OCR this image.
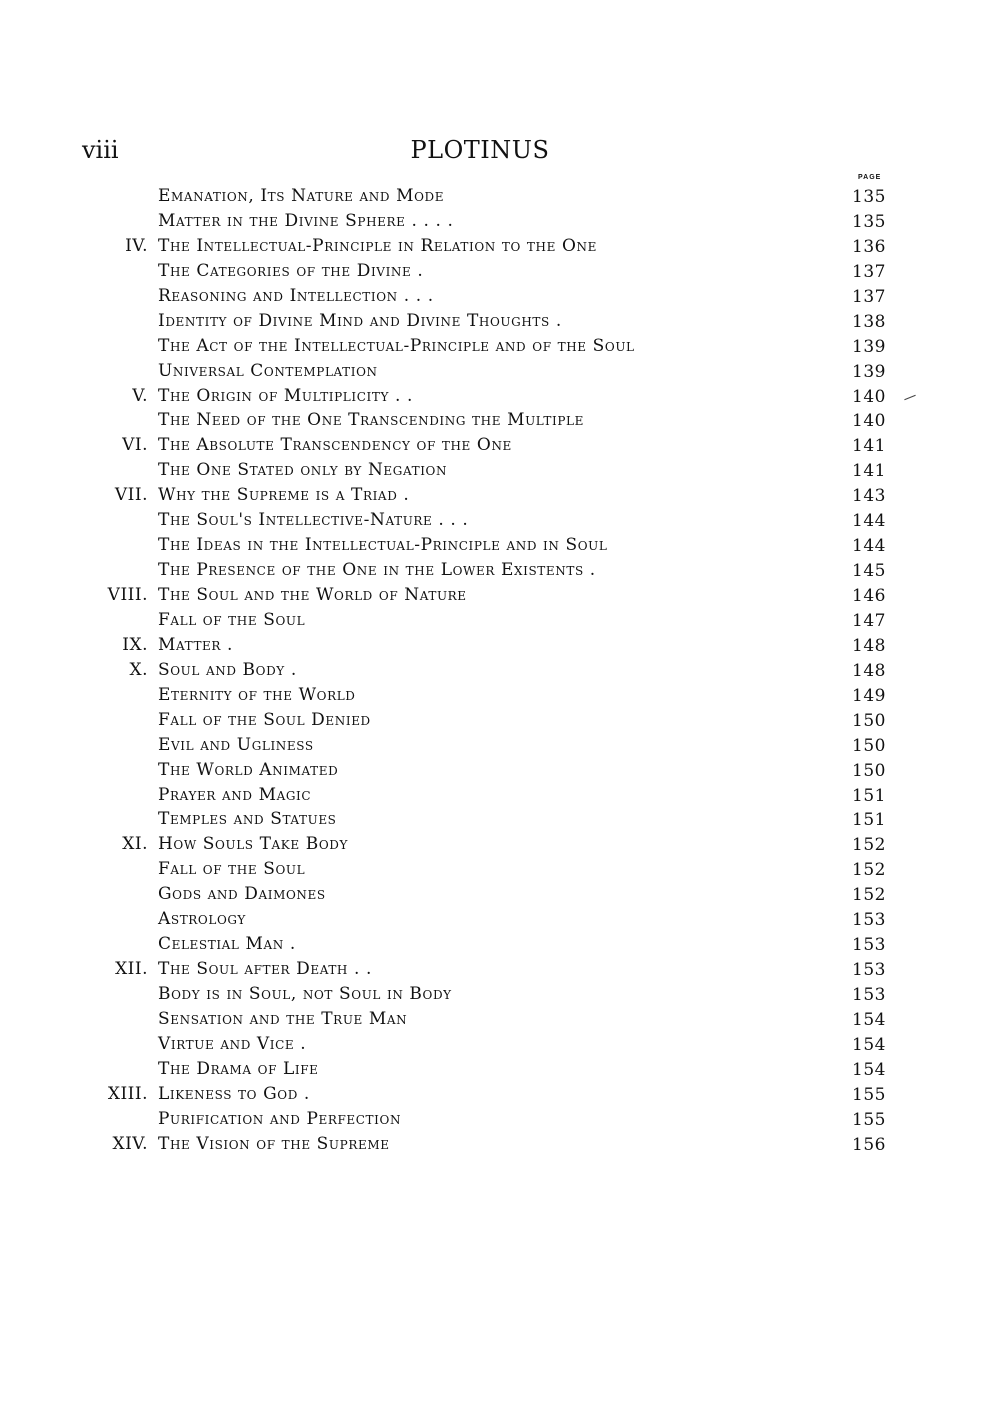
viii	PLOTINUS
PAGE
Emanation, Its Nature and Mode	135
Matter in the Divine Sphere . . . .	135
IV. The Intellectual-Principle in Relation to the One	136
The Categories of the Divine .	137
Reasoning and Intellection . . .	137
Identity of Divine Mind and Divine Thoughts .	138
The Act of the Intellectual-Principle and of the Soul	139
Universal Contemplation	139
V. The Origin of Multiplicity . .	140
The Need of the One Transcending the Multiple	140
VI. The Absolute Transcendency of the One	141
The One Stated only by Negation	141
VII. Why the Supreme is a Triad .	143
The Soul's Intellective-Nature . . .	144
The Ideas in the Intellectual-Principle and in Soul	144
The Presence of the One in the Lower Existents .	145
VIII. The Soul and the World of Nature	146
Fall of the Soul	147
IX. Matter .	148
X. Soul and Body .	148
Eternity of the World	149
Fall of the Soul Denied	150
Evil and Ugliness	150
The World Animated	150
Prayer and Magic	151
Temples and Statues	151
XI. How Souls Take Body	152
Fall of the Soul	152
Gods and Daimones	152
Astrology	153
Celestial Man .	153
XII. The Soul after Death . .	153
Body is in Soul, not Soul in Body	153
Sensation and the True Man	154
Virtue and Vice .	154
The Drama of Life	154
XIII. Likeness to God .	155
Purification and Perfection	155
XIV. The Vision of the Supreme	156
